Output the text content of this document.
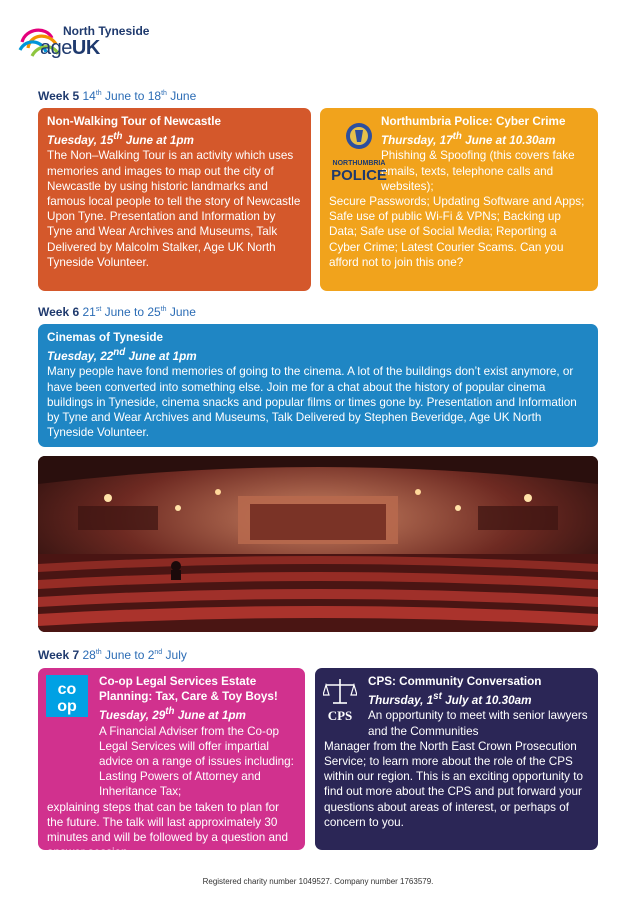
North Tyneside
ageUK
Week 5 14th June to 18th June
Non-Walking Tour of Newcastle
Tuesday, 15th June at 1pm

The Non–Walking Tour is an activity which uses memories and images to map out the city of Newcastle by using historic landmarks and famous local people to tell the story of Newcastle Upon Tyne. Presentation and Information by Tyne and Wear Archives and Museums, Talk Delivered by Malcolm Stalker, Age UK North Tyneside Volunteer.

NORTHUMBRIA
POLICE
Northumbria Police: Cyber Crime
Thursday, 17th June at 10.30am

Phishing & Spoofing (this covers fake emails, texts, telephone calls and websites);

Secure Passwords; Updating Software and Apps; Safe use of public Wi-Fi & VPNs; Backing up Data; Safe use of Social Media; Reporting a Cyber Crime; Latest Courier Scams. Can you afford not to join this one?

Week 6 21st June to 25th June
Cinemas of Tyneside
Tuesday, 22nd June at 1pm

Many people have fond memories of going to the cinema. A lot of the buildings don’t exist anymore, or have been converted into something else. Join me for a chat about the history of popular cinema buildings in Tyneside, cinema snacks and popular films or times gone by. Presentation and Information by Tyne and Wear Archives and Museums, Talk Delivered by Stephen Beveridge, Age UK North Tyneside Volunteer.

Week 7 28th June to 2nd July
co
op
Co-op Legal Services Estate Planning: Tax, Care & Toy Boys!
Tuesday, 29th June at 1pm

A Financial Adviser from the Co-op Legal Services will offer impartial advice on a range of issues including: Lasting Powers of Attorney and Inheritance Tax;

explaining steps that can be taken to plan for the future. The talk will last approximately 30 minutes and will be followed by a question and answer session.

CPS
CPS: Community Conversation
Thursday, 1st July at 10.30am

An opportunity to meet with senior lawyers and the Communities

Manager from the North East Crown Prosecution Service; to learn more about the role of the CPS within our region. This is an exciting opportunity to find out more about the CPS and put forward your questions about areas of interest, or perhaps of concern to you.

Registered charity number 1049527. Company number 1763579.
